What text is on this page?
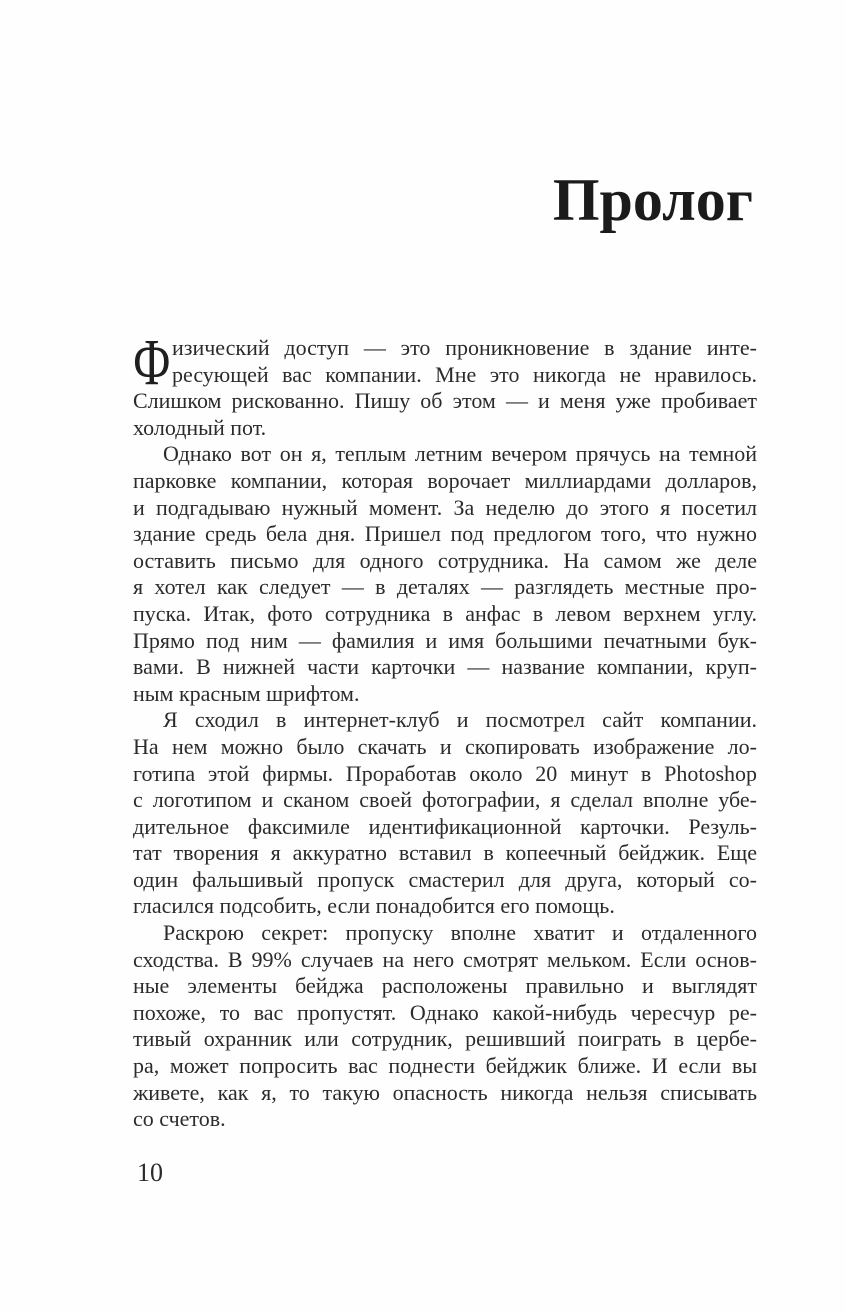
Пролог
Ф изический доступ — это проникновение в здание инте-
ресующей вас компании. Мне это никогда не нравилось.
Слишком рискованно. Пишу об этом — и меня уже пробивает
холодный пот.
Однако вот он я, теплым летним вечером прячусь на темной
парковке компании, которая ворочает миллиардами долларов,
и подгадываю нужный момент. За неделю до этого я посетил
здание средь бела дня. Пришел под предлогом того, что нужно
оставить письмо для одного сотрудника. На самом же деле
я хотел как следует — в деталях — разглядеть местные про-
пуска. Итак, фото сотрудника в анфас в левом верхнем углу.
Прямо под ним — фамилия и имя большими печатными бук-
вами. В нижней части карточки — название компании, круп-
ным красным шрифтом.
Я сходил в интернет-клуб и посмотрел сайт компании.
На нем можно было скачать и скопировать изображение ло-
готипа этой фирмы. Проработав около 20 минут в Photoshop
с логотипом и сканом своей фотографии, я сделал вполне убе-
дительное факсимиле идентификационной карточки. Резуль-
тат творения я аккуратно вставил в копеечный бейджик. Еще
один фальшивый пропуск смастерил для друга, который со-
гласился подсобить, если понадобится его помощь.
Раскрою секрет: пропуску вполне хватит и отдаленного
сходства. В 99% случаев на него смотрят мельком. Если основ-
ные элементы бейджа расположены правильно и выглядят
похоже, то вас пропустят. Однако какой-нибудь чересчур ре-
тивый охранник или сотрудник, решивший поиграть в цербе-
ра, может попросить вас поднести бейджик ближе. И если вы
живете, как я, то такую опасность никогда нельзя списывать
со счетов.
10
